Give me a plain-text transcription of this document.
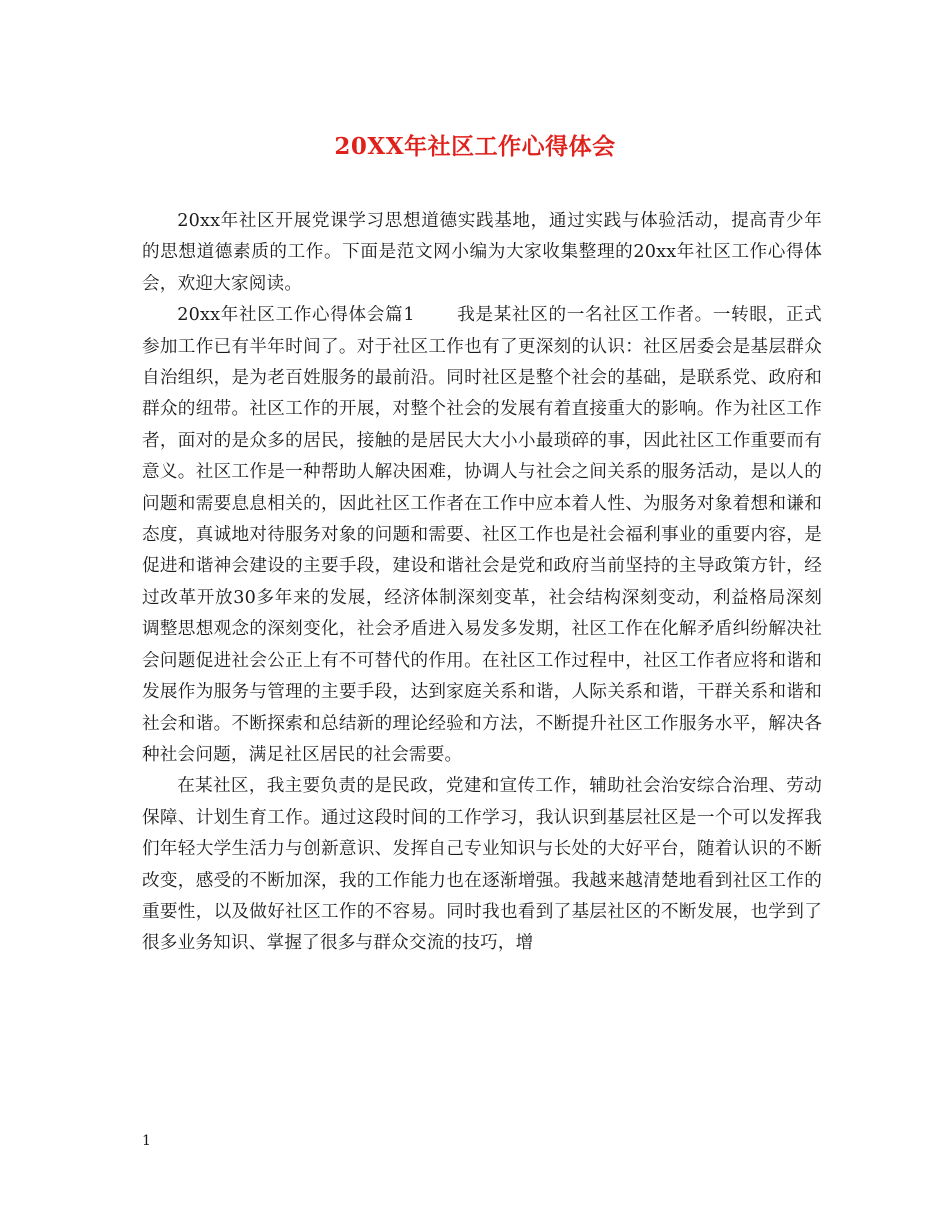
20XX年社区工作心得体会

20xx年社区开展党课学习思想道德实践基地，通过实践与体验活动，提高青少年的思想道德素质的工作。下面是范文网小编为大家收集整理的20xx年社区工作心得体会，欢迎大家阅读。

20xx年社区工作心得体会篇1 我是某社区的一名社区工作者。一转眼，正式参加工作已有半年时间了。对于社区工作也有了更深刻的认识：社区居委会是基层群众自治组织，是为老百姓服务的最前沿。同时社区是整个社会的基础，是联系党、政府和群众的纽带。社区工作的开展，对整个社会的发展有着直接重大的影响。作为社区工作者，面对的是众多的居民，接触的是居民大大小小最琐碎的事，因此社区工作重要而有意义。社区工作是一种帮助人解决困难，协调人与社会之间关系的服务活动，是以人的问题和需要息息相关的，因此社区工作者在工作中应本着人性、为服务对象着想和谦和态度，真诚地对待服务对象的问题和需要、社区工作也是社会福利事业的重要内容，是促进和谐神会建设的主要手段，建设和谐社会是党和政府当前坚持的主导政策方针，经过改革开放30多年来的发展，经济体制深刻变革，社会结构深刻变动，利益格局深刻调整思想观念的深刻变化，社会矛盾进入易发多发期，社区工作在化解矛盾纠纷解决社会问题促进社会公正上有不可替代的作用。在社区工作过程中，社区工作者应将和谐和发展作为服务与管理的主要手段，达到家庭关系和谐，人际关系和谐，干群关系和谐和社会和谐。不断探索和总结新的理论经验和方法，不断提升社区工作服务水平，解决各种社会问题，满足社区居民的社会需要。

在某社区，我主要负责的是民政，党建和宣传工作，辅助社会治安综合治理、劳动保障、计划生育工作。通过这段时间的工作学习，我认识到基层社区是一个可以发挥我们年轻大学生活力与创新意识、发挥自己专业知识与长处的大好平台，随着认识的不断改变，感受的不断加深，我的工作能力也在逐渐增强。我越来越清楚地看到社区工作的重要性，以及做好社区工作的不容易。同时我也看到了基层社区的不断发展，也学到了很多业务知识、掌握了很多与群众交流的技巧，增

1
